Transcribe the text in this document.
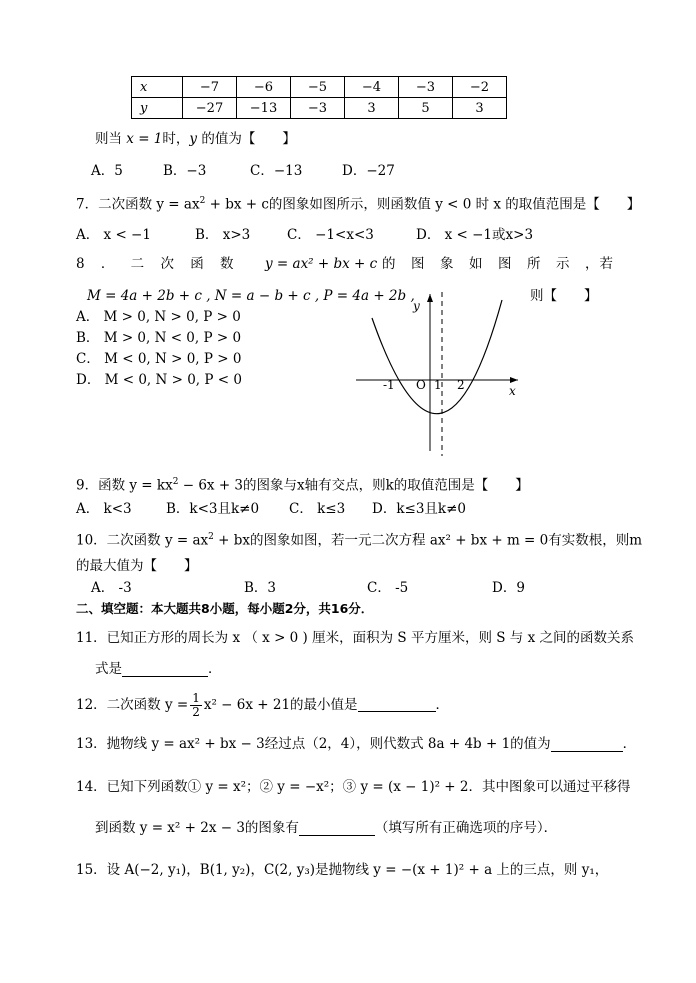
x	−7	−6	−5	−4	−3	−2
y	−27	−13	−3	3	5	3
则当 x = 1时，y 的值为【　　】
A．5	B．−3	C．−13	D．−27
7．二次函数 $y = ax^2$ + bx + c的图象如图所示，则函数值 y < 0 时 x 的取值范围是【　　】
A． x < −1	B． x>3	C． −1<x<3	D． x < −1或x>3
8 ． 二 次 函 数 y = ax² + bx + c 的　图　象　如　图　所　示　，若
M = 4a + 2b + c , N = a − b + c , P = 4a + 2b ,	则【　　】
A． M > 0, N > 0, P > 0
B． M > 0, N < 0, P > 0
C． M < 0, N > 0, P > 0
D． M < 0, N > 0, P < 0
y
x
-1 O 1 2
9．函数 $y = kx^2 - 6x + 3$的图象与x轴有交点，则k的取值范围是【　　】
A． k<3	B．k<3且k≠0 C． k≤3 D．k≤3且k≠0
10．二次函数 $y = ax^2$ + bx的图象如图，若一元二次方程 ax² + bx + m = 0有实数根，则m
的最大值为【　　】
A． -3	B．3	C． -5	D．9
二、填空题：本大题共8小题，每小题2分，共16分．
11．已知正方形的周长为 x （ x > 0 ) 厘米，面积为 S 平方厘米，则 S 与 x 之间的函数关系
式是	．
12．二次函数 $y = \frac{1}{2} x^2 - 6x + 21$的最小值是	．
13．抛物线 y = ax² + bx − 3经过点（2，4），则代数式 8a + 4b + 1的值为	．
14．已知下列函数① y = x²；② y = −x²；③ y = (x − 1)² + 2．其中图象可以通过平移得
到函数 y = x² + 2x − 3的图象有	（填写所有正确选项的序号）．
15．设 A(−2, y₁)，B(1, y₂)，C(2, y₃)是抛物线 y = −(x + 1)² + a 上的三点，则 y₁，
